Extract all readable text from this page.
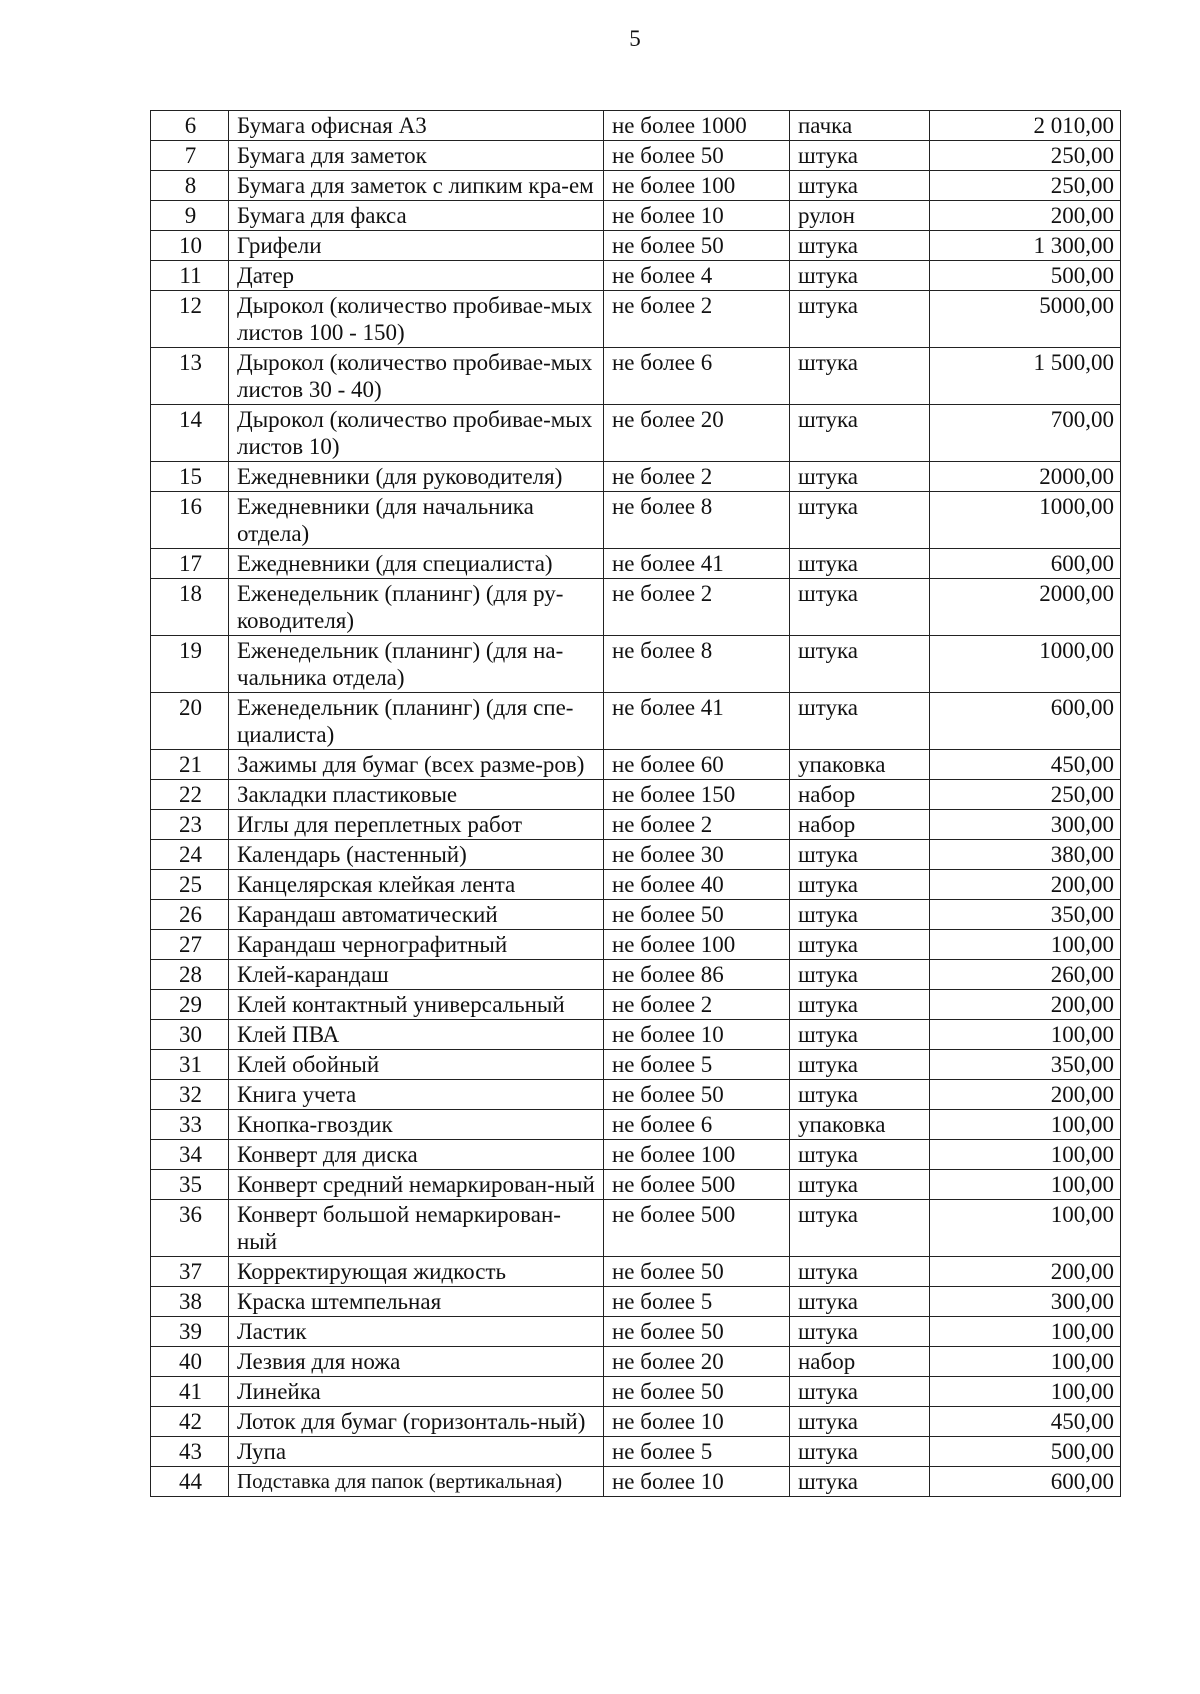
5
6	Бумага офисная А3	не более 1000	пачка	2 010,00
7	Бумага для заметок	не более 50	штука	250,00
8	Бумага для заметок с липким кра-ем	не более 100	штука	250,00
9	Бумага для факса	не более 10	рулон	200,00
10	Грифели	не более 50	штука	1 300,00
11	Датер	не более 4	штука	500,00
12	Дырокол (количество пробивае-мых листов 100 - 150)	не более 2	штука	5000,00
13	Дырокол (количество пробивае-мых листов 30 - 40)	не более 6	штука	1 500,00
14	Дырокол (количество пробивае-мых листов 10)	не более 20	штука	700,00
15	Ежедневники (для руководителя)	не более 2	штука	2000,00
16	Ежедневники (для начальника отдела)	не более 8	штука	1000,00
17	Ежедневники (для специалиста)	не более 41	штука	600,00
18	Еженедельник (планинг) (для ру-ководителя)	не более 2	штука	2000,00
19	Еженедельник (планинг) (для на-чальника отдела)	не более 8	штука	1000,00
20	Еженедельник (планинг) (для спе-циалиста)	не более 41	штука	600,00
21	Зажимы для бумаг (всех разме-ров)	не более 60	упаковка	450,00
22	Закладки пластиковые	не более 150	набор	250,00
23	Иглы для переплетных работ	не более 2	набор	300,00
24	Календарь (настенный)	не более 30	штука	380,00
25	Канцелярская клейкая лента	не более 40	штука	200,00
26	Карандаш автоматический	не более 50	штука	350,00
27	Карандаш чернографитный	не более 100	штука	100,00
28	Клей-карандаш	не более 86	штука	260,00
29	Клей контактный универсальный	не более 2	штука	200,00
30	Клей ПВА	не более 10	штука	100,00
31	Клей обойный	не более 5	штука	350,00
32	Книга учета	не более 50	штука	200,00
33	Кнопка-гвоздик	не более 6	упаковка	100,00
34	Конверт для диска	не более 100	штука	100,00
35	Конверт средний немаркирован-ный	не более 500	штука	100,00
36	Конверт большой немаркирован-ный	не более 500	штука	100,00
37	Корректирующая жидкость	не более 50	штука	200,00
38	Краска штемпельная	не более 5	штука	300,00
39	Ластик	не более 50	штука	100,00
40	Лезвия для ножа	не более 20	набор	100,00
41	Линейка	не более 50	штука	100,00
42	Лоток для бумаг (горизонталь-ный)	не более 10	штука	450,00
43	Лупа	не более 5	штука	500,00
44	Подставка для папок (вертикальная)	не более 10	штука	600,00
